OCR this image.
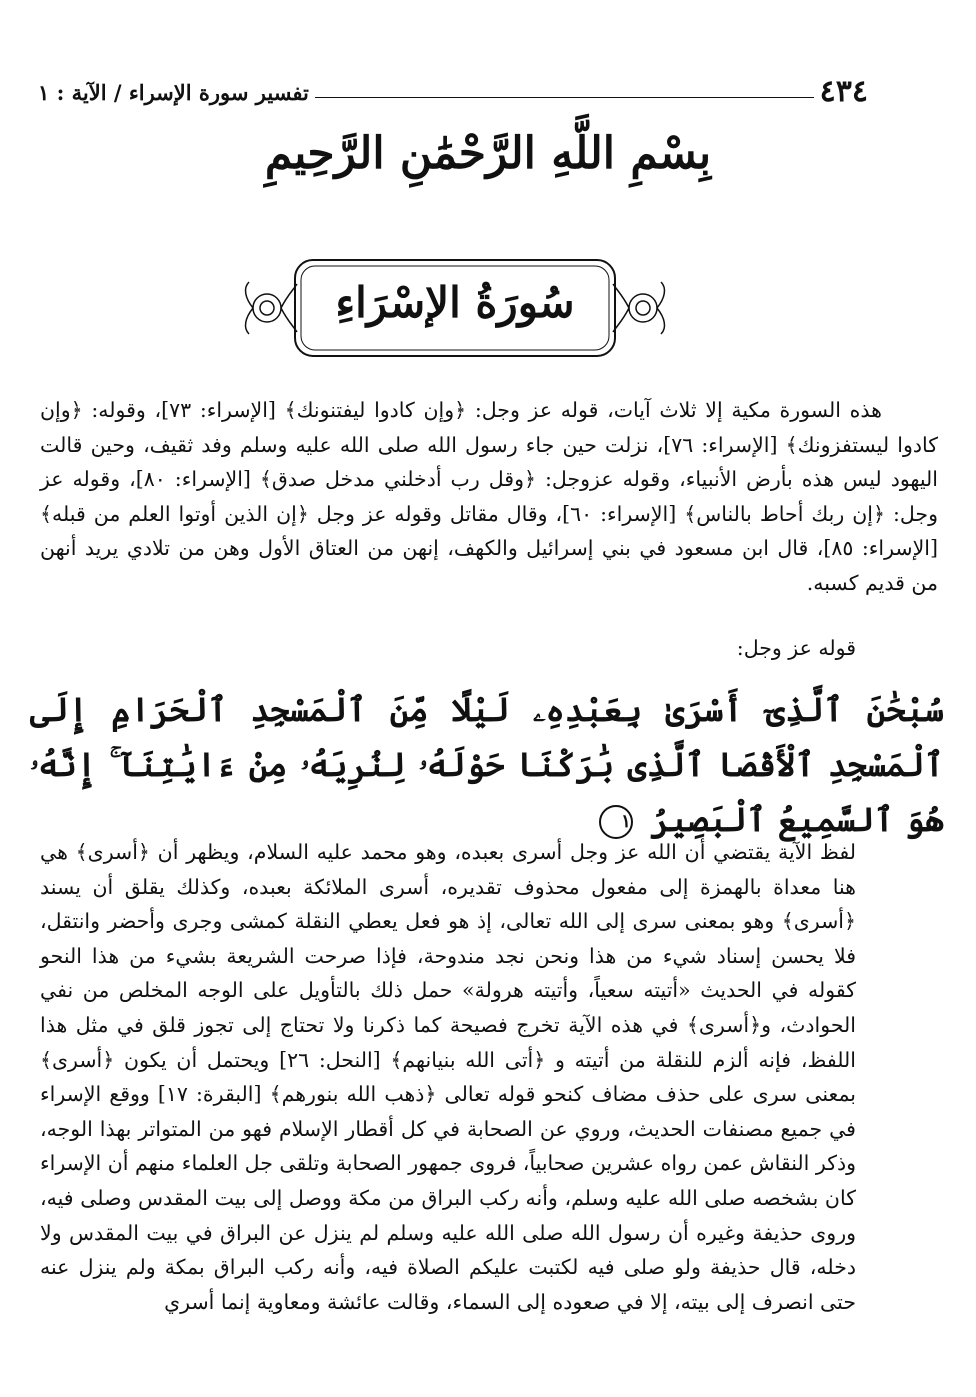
٤٣٤
تفسير سورة الإسراء / الآية : ١
بِسْمِ اللَّهِ الرَّحْمَٰنِ الرَّحِيمِ
سُورَةُ الإسْرَاءِ

هذه السورة مكية إلا ثلاث آيات، قوله عز وجل: ﴿وإن كادوا ليفتنونك﴾ [الإسراء: ٧٣]، وقوله: ﴿وإن كادوا ليستفزونك﴾ [الإسراء: ٧٦]، نزلت حين جاء رسول الله صلى الله عليه وسلم وفد ثقيف، وحين قالت اليهود ليس هذه بأرض الأنبياء، وقوله عزوجل: ﴿وقل رب أدخلني مدخل صدق﴾ [الإسراء: ٨٠]، وقوله عز وجل: ﴿إن ربك أحاط بالناس﴾ [الإسراء: ٦٠]، وقال مقاتل وقوله عز وجل ﴿إن الذين أوتوا العلم من قبله﴾ [الإسراء: ٨٥]، قال ابن مسعود في بني إسرائيل والكهف، إنهن من العتاق الأول وهن من تلادي يريد أنهن من قديم كسبه.

قوله عز وجل:
سُبْحَٰنَ ٱلَّذِىٓ أَسْرَىٰ بِعَبْدِهِۦ لَيْلًا مِّنَ ٱلْمَسْجِدِ ٱلْحَرَامِ إِلَى ٱلْمَسْجِدِ ٱلْأَقْصَا ٱلَّذِى بَٰرَكْنَا حَوْلَهُۥ لِنُرِيَهُۥ مِنْ ءَايَٰتِنَآ ۚ إِنَّهُۥ هُوَ ٱلسَّمِيعُ ٱلْبَصِيرُ ١

لفظ الآية يقتضي أن الله عز وجل أسرى بعبده، وهو محمد عليه السلام، ويظهر أن ﴿أسرى﴾ هي هنا معداة بالهمزة إلى مفعول محذوف تقديره، أسرى الملائكة بعبده، وكذلك يقلق أن يسند ﴿أسرى﴾ وهو بمعنى سرى إلى الله تعالى، إذ هو فعل يعطي النقلة كمشى وجرى وأحضر وانتقل، فلا يحسن إسناد شيء من هذا ونحن نجد مندوحة، فإذا صرحت الشريعة بشيء من هذا النحو كقوله في الحديث «أتيته سعياً، وأتيته هرولة» حمل ذلك بالتأويل على الوجه المخلص من نفي الحوادث، و﴿أسرى﴾ في هذه الآية تخرج فصيحة كما ذكرنا ولا تحتاج إلى تجوز قلق في مثل هذا اللفظ، فإنه ألزم للنقلة من أتيته و ﴿أتى الله بنيانهم﴾ [النحل: ٢٦] ويحتمل أن يكون ﴿أسرى﴾ بمعنى سرى على حذف مضاف كنحو قوله تعالى ﴿ذهب الله بنورهم﴾ [البقرة: ١٧] ووقع الإسراء في جميع مصنفات الحديث، وروي عن الصحابة في كل أقطار الإسلام فهو من المتواتر بهذا الوجه، وذكر النقاش عمن رواه عشرين صحابياً، فروى جمهور الصحابة وتلقى جل العلماء منهم أن الإسراء كان بشخصه صلى الله عليه وسلم، وأنه ركب البراق من مكة ووصل إلى بيت المقدس وصلى فيه، وروى حذيفة وغيره أن رسول الله صلى الله عليه وسلم لم ينزل عن البراق في بيت المقدس ولا دخله، قال حذيفة ولو صلى فيه لكتبت عليكم الصلاة فيه، وأنه ركب البراق بمكة ولم ينزل عنه حتى انصرف إلى بيته، إلا في صعوده إلى السماء، وقالت عائشة ومعاوية إنما أسري
